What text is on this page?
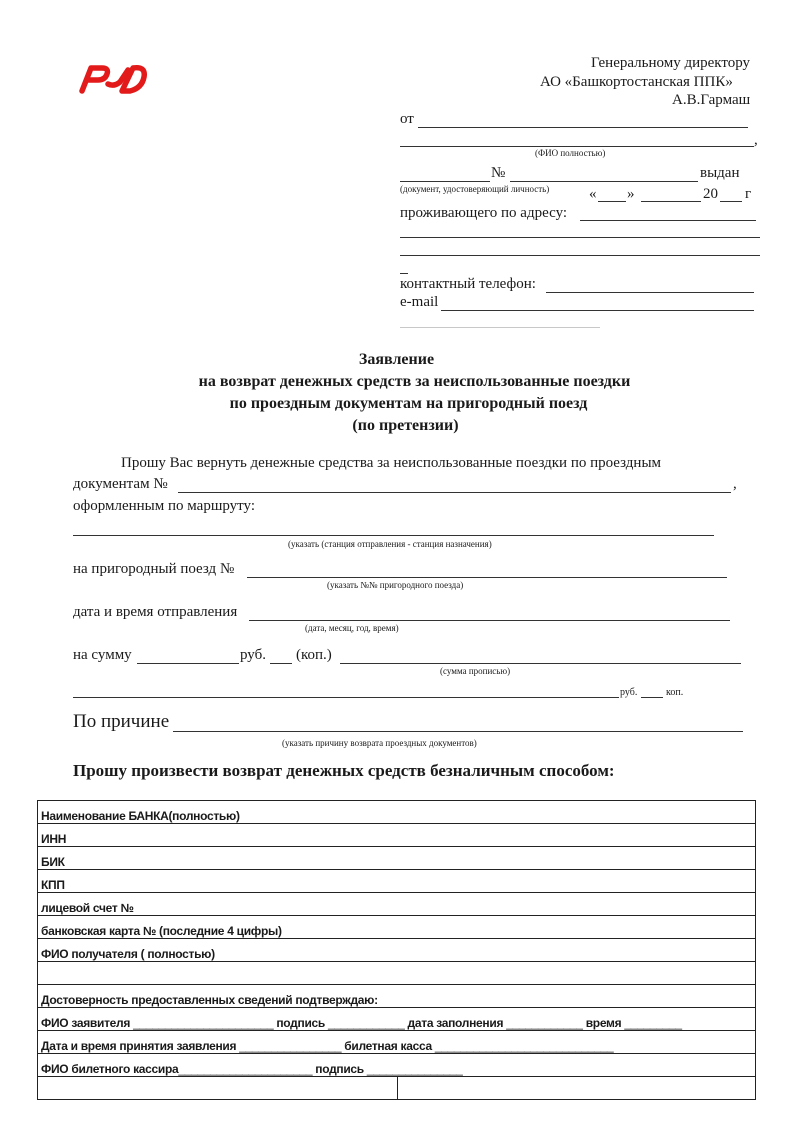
Генеральному директору
АО «Башкортостанская ППК»
А.В.Гармаш
от
,
(ФИО полностью)
№	выдан
(документ, удостоверяющий личность)	« »	20 г
проживающего по адресу:
контактный телефон:
e-mail
Заявление
на возврат денежных средств за неиспользованные поездки
по проездным документам на пригородный поезд
(по претензии)
Прошу Вас вернуть денежные средства за неиспользованные поездки по проездным
документам №	,
оформленным по маршруту:
(указать (станция отправления - станция назначения)
на пригородный поезд №
(указать №№ пригородного поезда)
дата и время отправления
(дата, месяц, год, время)
на сумму	руб. (коп.)
(сумма прописью)
руб.	коп.
По причине
(указать причину возврата проездных документов)
Прошу произвести возврат денежных средств безналичным способом:
Наименование БАНКА(полностью)
ИНН
БИК
КПП
лицевой счет №
банковская карта № (последние 4 цифры)
ФИО получателя ( полностью)

Достоверность предоставленных сведений подтверждаю:
ФИО заявителя ______________________ подпись ____________ дата заполнения ____________ время _________
Дата и время принятия заявления ________________ билетная касса ____________________________
ФИО билетного кассира_____________________ подпись _______________
